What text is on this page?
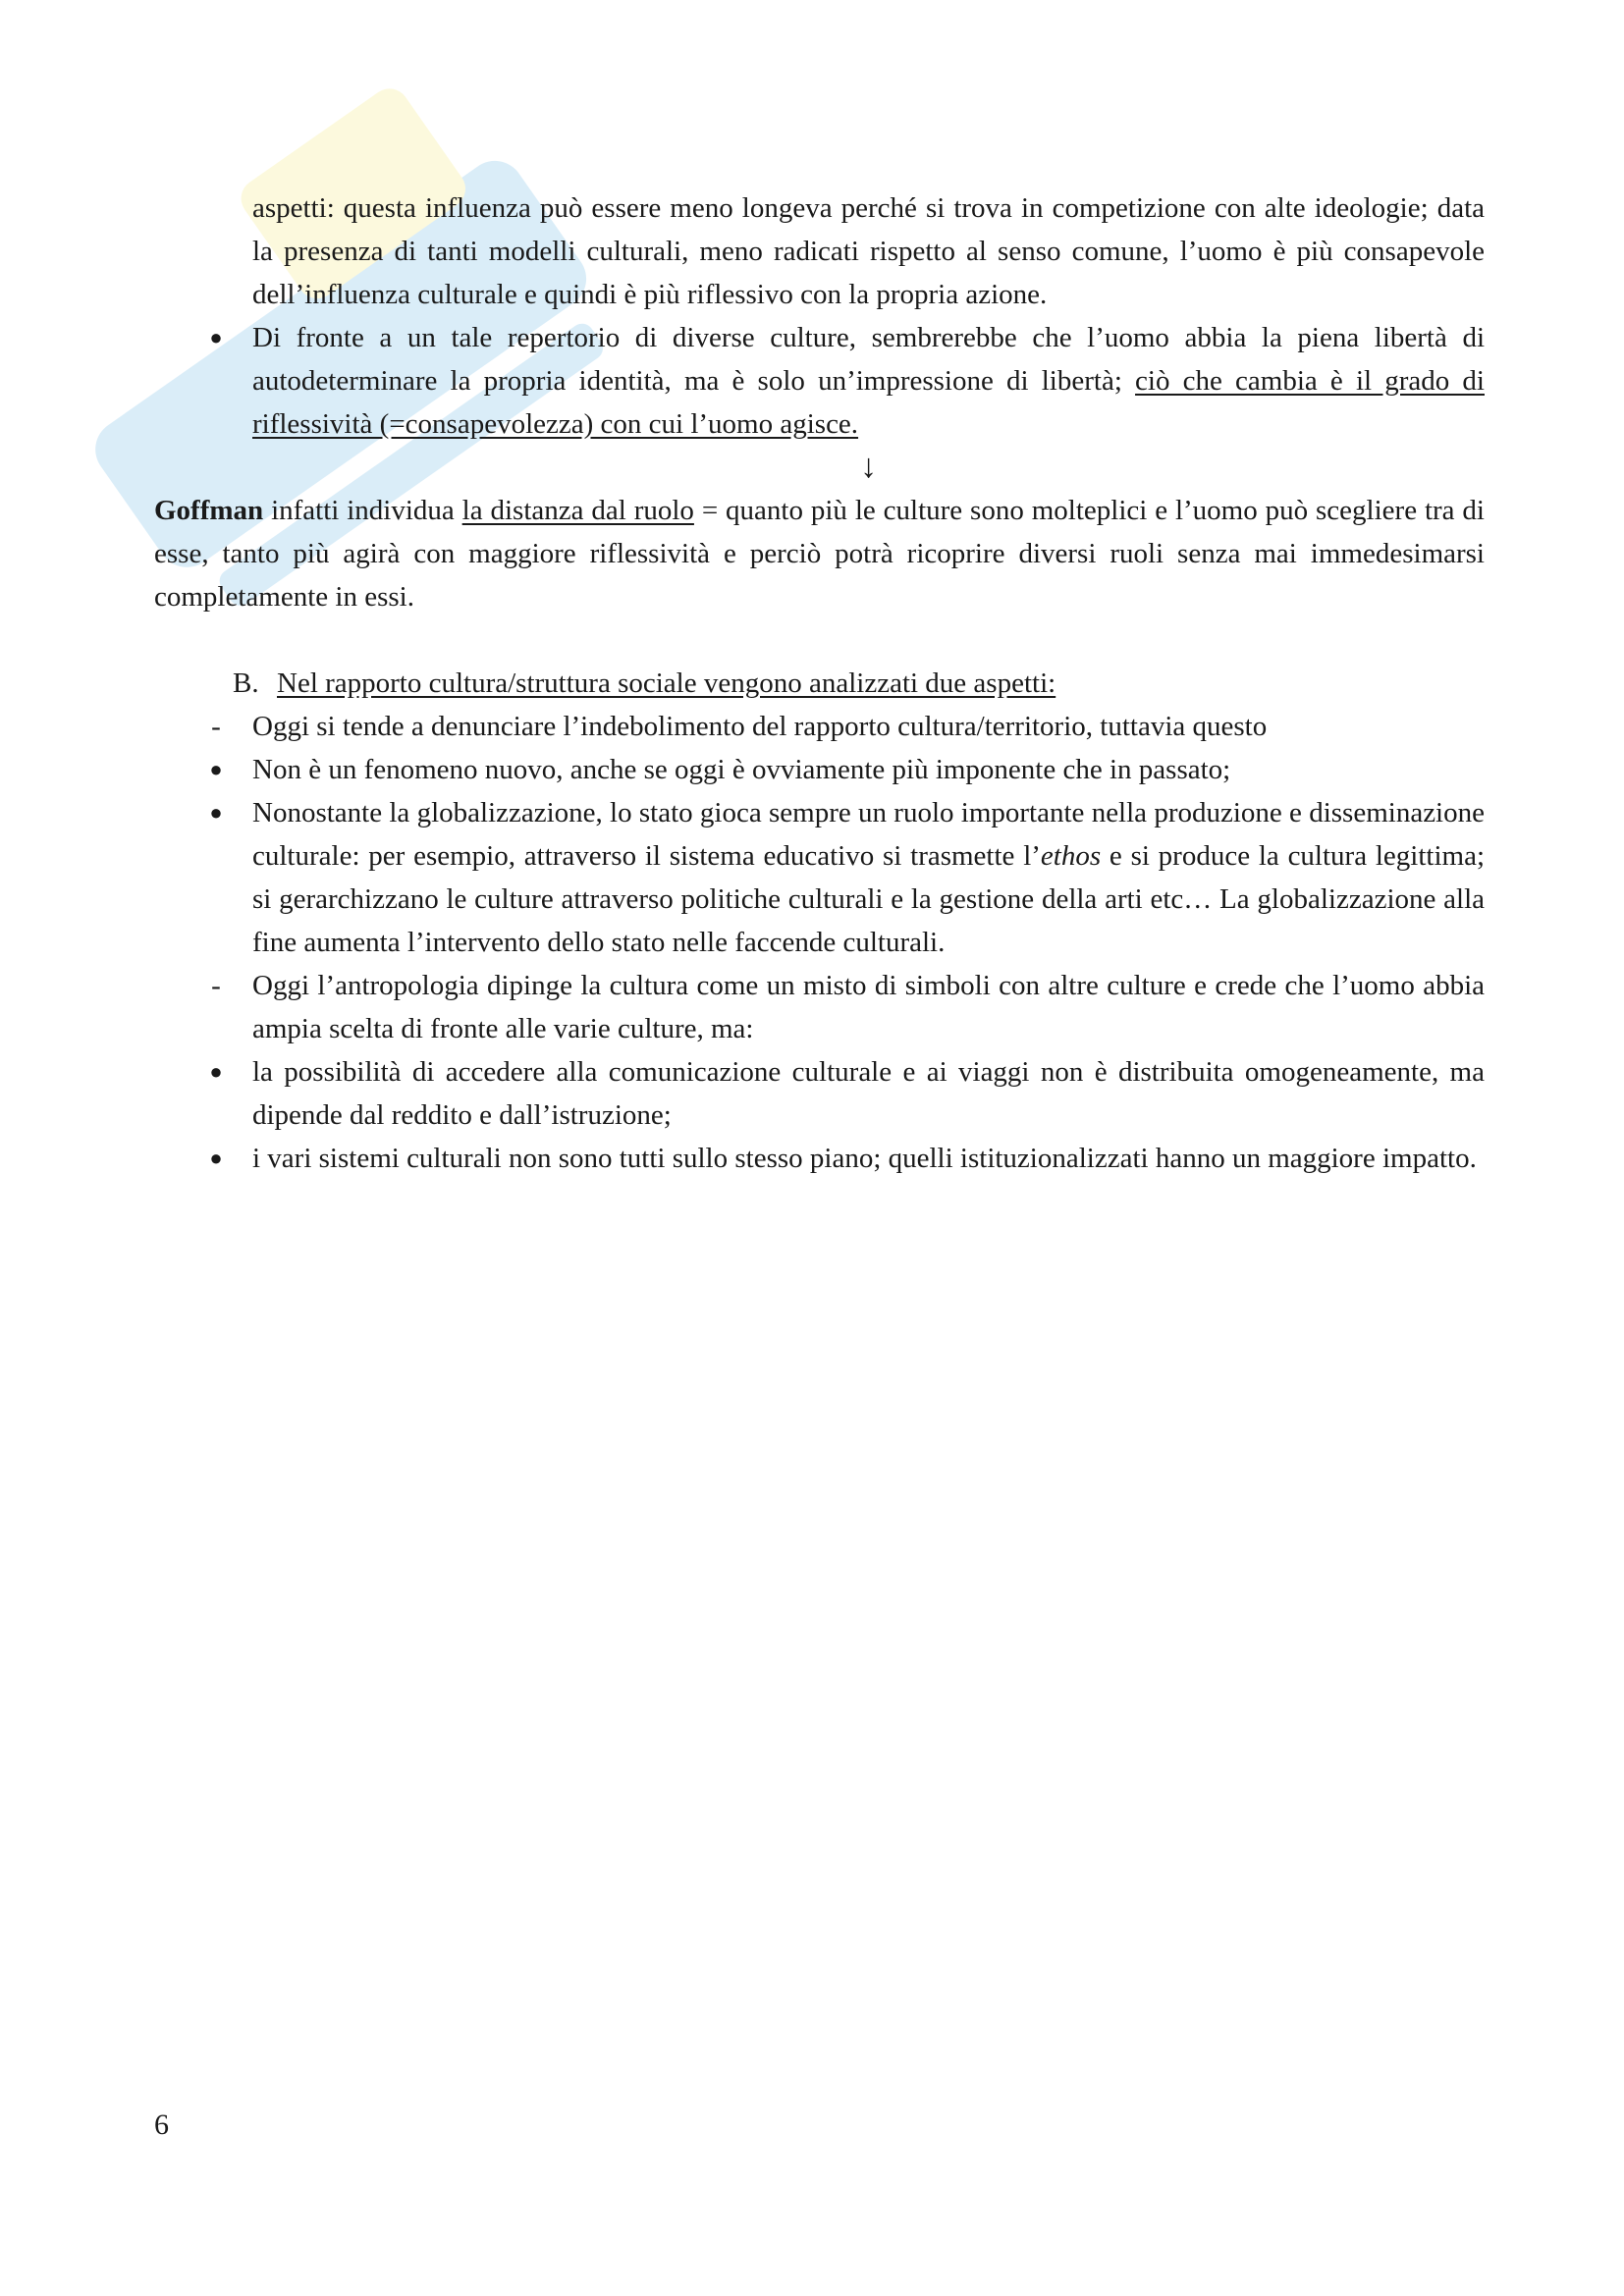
aspetti: questa influenza può essere meno longeva perché si trova in competizione con alte ideologie; data la presenza di tanti modelli culturali, meno radicati rispetto al senso comune, l’uomo è più consapevole dell’influenza culturale e quindi è più riflessivo con la propria azione.

● Di fronte a un tale repertorio di diverse culture, sembrerebbe che l’uomo abbia la piena libertà di autodeterminare la propria identità, ma è solo un’impressione di libertà; ciò che cambia è il grado di riflessività (=consapevolezza) con cui l’uomo agisce.
↓

Goffman infatti individua la distanza dal ruolo = quanto più le culture sono molteplici e l’uomo può scegliere tra di esse, tanto più agirà con maggiore riflessività e perciò potrà ricoprire diversi ruoli senza mai immedesimarsi completamente in essi.

B. Nel rapporto cultura/struttura sociale vengono analizzati due aspetti:

-	Oggi si tende a denunciare l’indebolimento del rapporto cultura/territorio, tuttavia questo
● Non è un fenomeno nuovo, anche se oggi è ovviamente più imponente che in passato;
● Nonostante la globalizzazione, lo stato gioca sempre un ruolo importante nella produzione e disseminazione culturale: per esempio, attraverso il sistema educativo si trasmette l’ethos e si produce la cultura legittima; si gerarchizzano le culture attraverso politiche culturali e la gestione della arti etc… La globalizzazione alla fine aumenta l’intervento dello stato nelle faccende culturali.
-	Oggi l’antropologia dipinge la cultura come un misto di simboli con altre culture e crede che l’uomo abbia ampia scelta di fronte alle varie culture, ma:
● la possibilità di accedere alla comunicazione culturale e ai viaggi non è distribuita omogeneamente, ma dipende dal reddito e dall’istruzione;
● i vari sistemi culturali non sono tutti sullo stesso piano; quelli istituzionalizzati hanno un maggiore impatto.
6
